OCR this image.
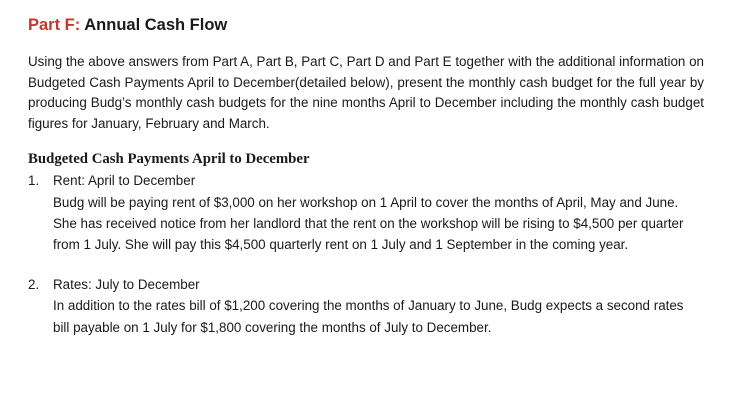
Part F: Annual Cash Flow

Using the above answers from Part A, Part B, Part C, Part D and Part E together with the additional information on Budgeted Cash Payments April to December(detailed below), present the monthly cash budget for the full year by producing Budg’s monthly cash budgets for the nine months April to December including the monthly cash budget figures for January, February and March.

Budgeted Cash Payments April to December
1.	Rent: April to December
Budg will be paying rent of $3,000 on her workshop on 1 April to cover the months of April, May and June. She has received notice from her landlord that the rent on the workshop will be rising to $4,500 per quarter from 1 July. She will pay this $4,500 quarterly rent on 1 July and 1 September in the coming year.
2.	Rates: July to December
In addition to the rates bill of $1,200 covering the months of January to June, Budg expects a second rates bill payable on 1 July for $1,800 covering the months of July to December.
